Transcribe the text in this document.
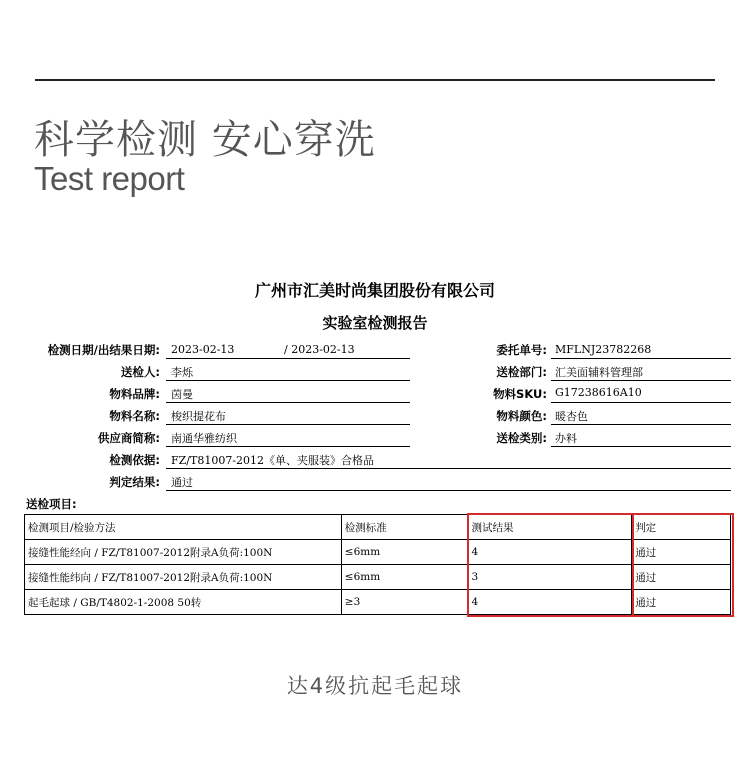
科学检测 安心穿洗
Test report
广州市汇美时尚集团股份有限公司
实验室检测报告
检测日期/出结果日期: 2023-02-13	/ 2023-02-13
送检人: 李烁
物料品牌: 茵曼
物料名称: 梭织提花布
供应商简称: 南通华雅纺织
检测依据: FZ/T81007-2012《单、夹服装》合格品
判定结果: 通过
委托单号: MFLNJ23782268
送检部门: 汇美面辅料管理部
物料SKU: G17238616A10
物料颜色: 暖杏色
送检类别: 办料
送检项目:
检测项目/检验方法	检测标准	测试结果	判定
接缝性能经向 / FZ/T81007-2012附录A负荷:100N	≤6mm	4	通过
接缝性能纬向 / FZ/T81007-2012附录A负荷:100N	≤6mm	3	通过
起毛起球 / GB/T4802-1-2008 50转	≥3	4	通过
达4级抗起毛起球
